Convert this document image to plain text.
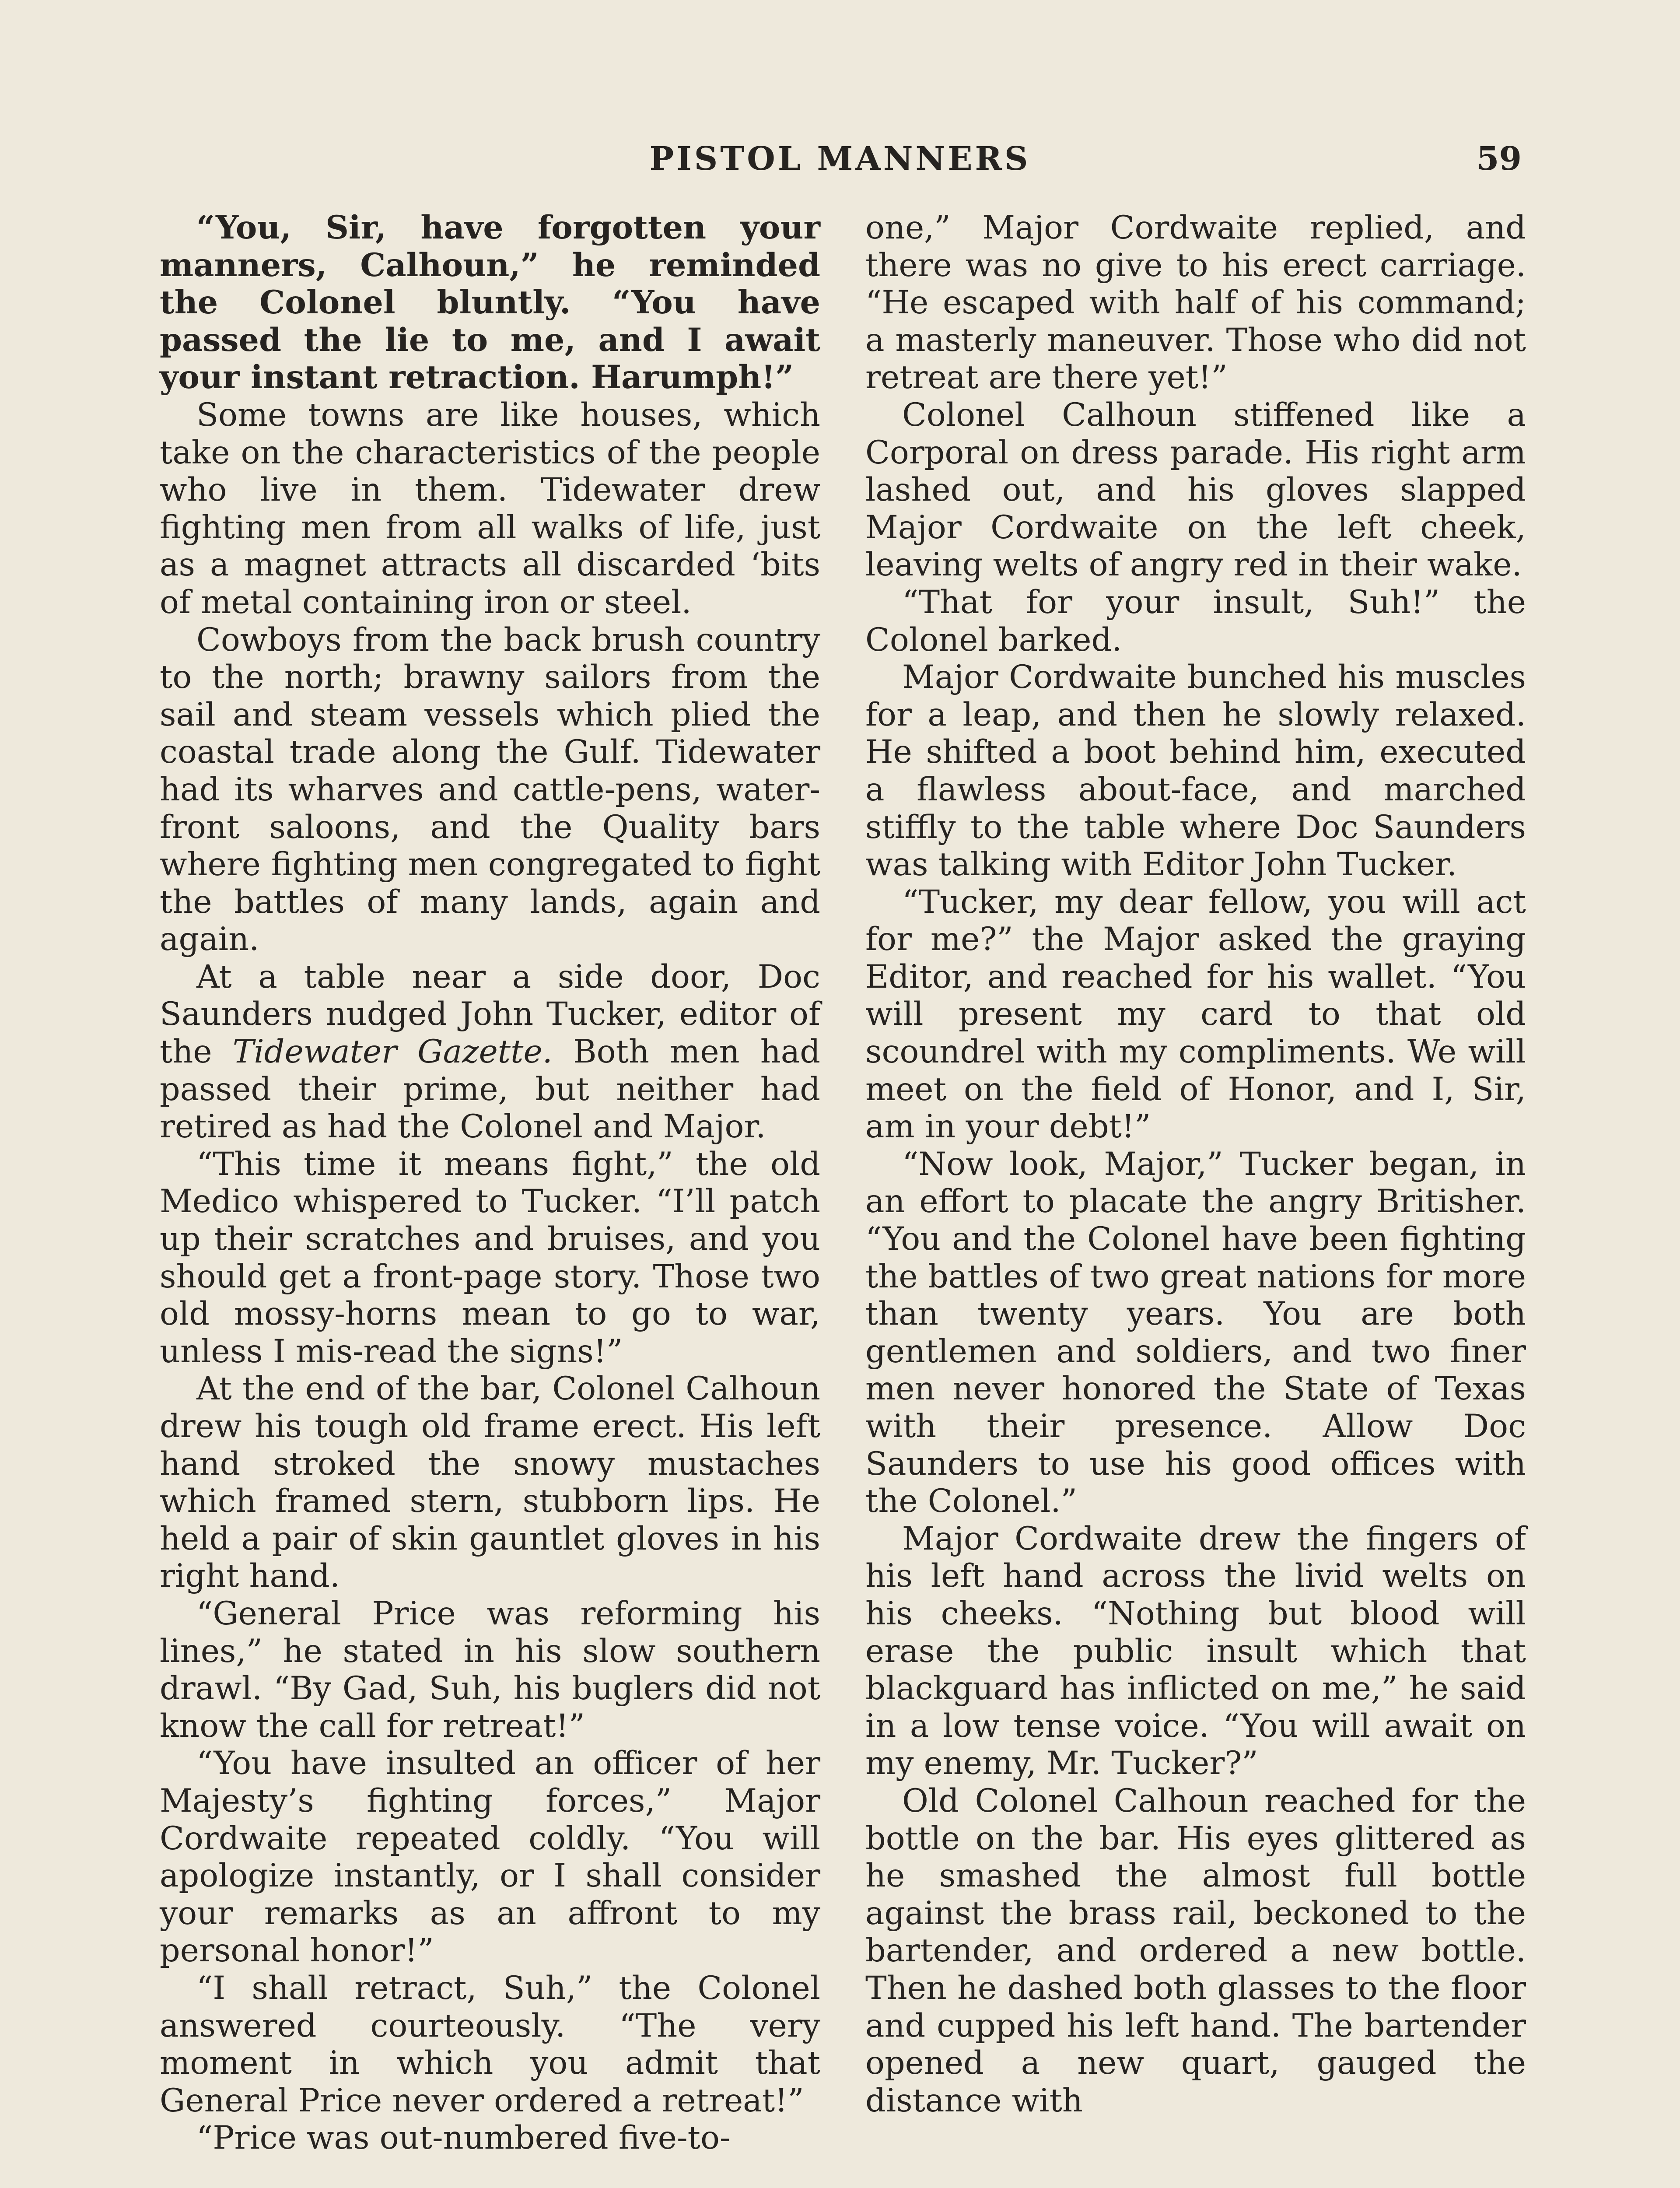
PISTOL MANNERS	59

“You, Sir, have forgotten your manners, Calhoun,” he reminded the Colonel bluntly. “You have passed the lie to me, and I await your instant retraction. Harumph!”

Some towns are like houses, which take on the characteristics of the people who live in them. Tidewater drew fighting men from all walks of life, just as a magnet attracts all discarded ‘bits of metal containing iron or steel.

Cowboys from the back brush country to the north; brawny sailors from the sail and steam vessels which plied the coastal trade along the Gulf. Tidewater had its wharves and cattle-pens, water-front saloons, and the Quality bars where fighting men congregated to fight the battles of many lands, again and again.

At a table near a side door, Doc Saunders nudged John Tucker, editor of the Tidewater Gazette. Both men had passed their prime, but neither had retired as had the Colonel and Major.

“This time it means fight,” the old Medico whispered to Tucker. “I’ll patch up their scratches and bruises, and you should get a front-page story. Those two old mossy-horns mean to go to war, unless I mis-read the signs!”

At the end of the bar, Colonel Calhoun drew his tough old frame erect. His left hand stroked the snowy mustaches which framed stern, stubborn lips. He held a pair of skin gauntlet gloves in his right hand.

“General Price was reforming his lines,” he stated in his slow southern drawl. “By Gad, Suh, his buglers did not know the call for retreat!”

“You have insulted an officer of her Majesty’s fighting forces,” Major Cordwaite repeated coldly. “You will apologize instantly, or I shall consider your remarks as an affront to my personal honor!”

“I shall retract, Suh,” the Colonel answered courteously. “The very moment in which you admit that General Price never ordered a retreat!”

“Price was out-numbered five-to-

one,” Major Cordwaite replied, and there was no give to his erect carriage. “He escaped with half of his command; a masterly maneuver. Those who did not retreat are there yet!”

Colonel Calhoun stiffened like a Corporal on dress parade. His right arm lashed out, and his gloves slapped Major Cordwaite on the left cheek, leaving welts of angry red in their wake.

“That for your insult, Suh!” the Colonel barked.

Major Cordwaite bunched his muscles for a leap, and then he slowly relaxed. He shifted a boot behind him, executed a flawless about-face, and marched stiffly to the table where Doc Saunders was talking with Editor John Tucker.

“Tucker, my dear fellow, you will act for me?” the Major asked the graying Editor, and reached for his wallet. “You will present my card to that old scoundrel with my compliments. We will meet on the field of Honor, and I, Sir, am in your debt!”

“Now look, Major,” Tucker began, in an effort to placate the angry Britisher. “You and the Colonel have been fighting the battles of two great nations for more than twenty years. You are both gentlemen and soldiers, and two finer men never honored the State of Texas with their presence. Allow Doc Saunders to use his good offices with the Colonel.”

Major Cordwaite drew the fingers of his left hand across the livid welts on his cheeks. “Nothing but blood will erase the public insult which that blackguard has inflicted on me,” he said in a low tense voice. “You will await on my enemy, Mr. Tucker?”

Old Colonel Calhoun reached for the bottle on the bar. His eyes glittered as he smashed the almost full bottle against the brass rail, beckoned to the bartender, and ordered a new bottle. Then he dashed both glasses to the floor and cupped his left hand. The bartender opened a new quart, gauged the distance with
